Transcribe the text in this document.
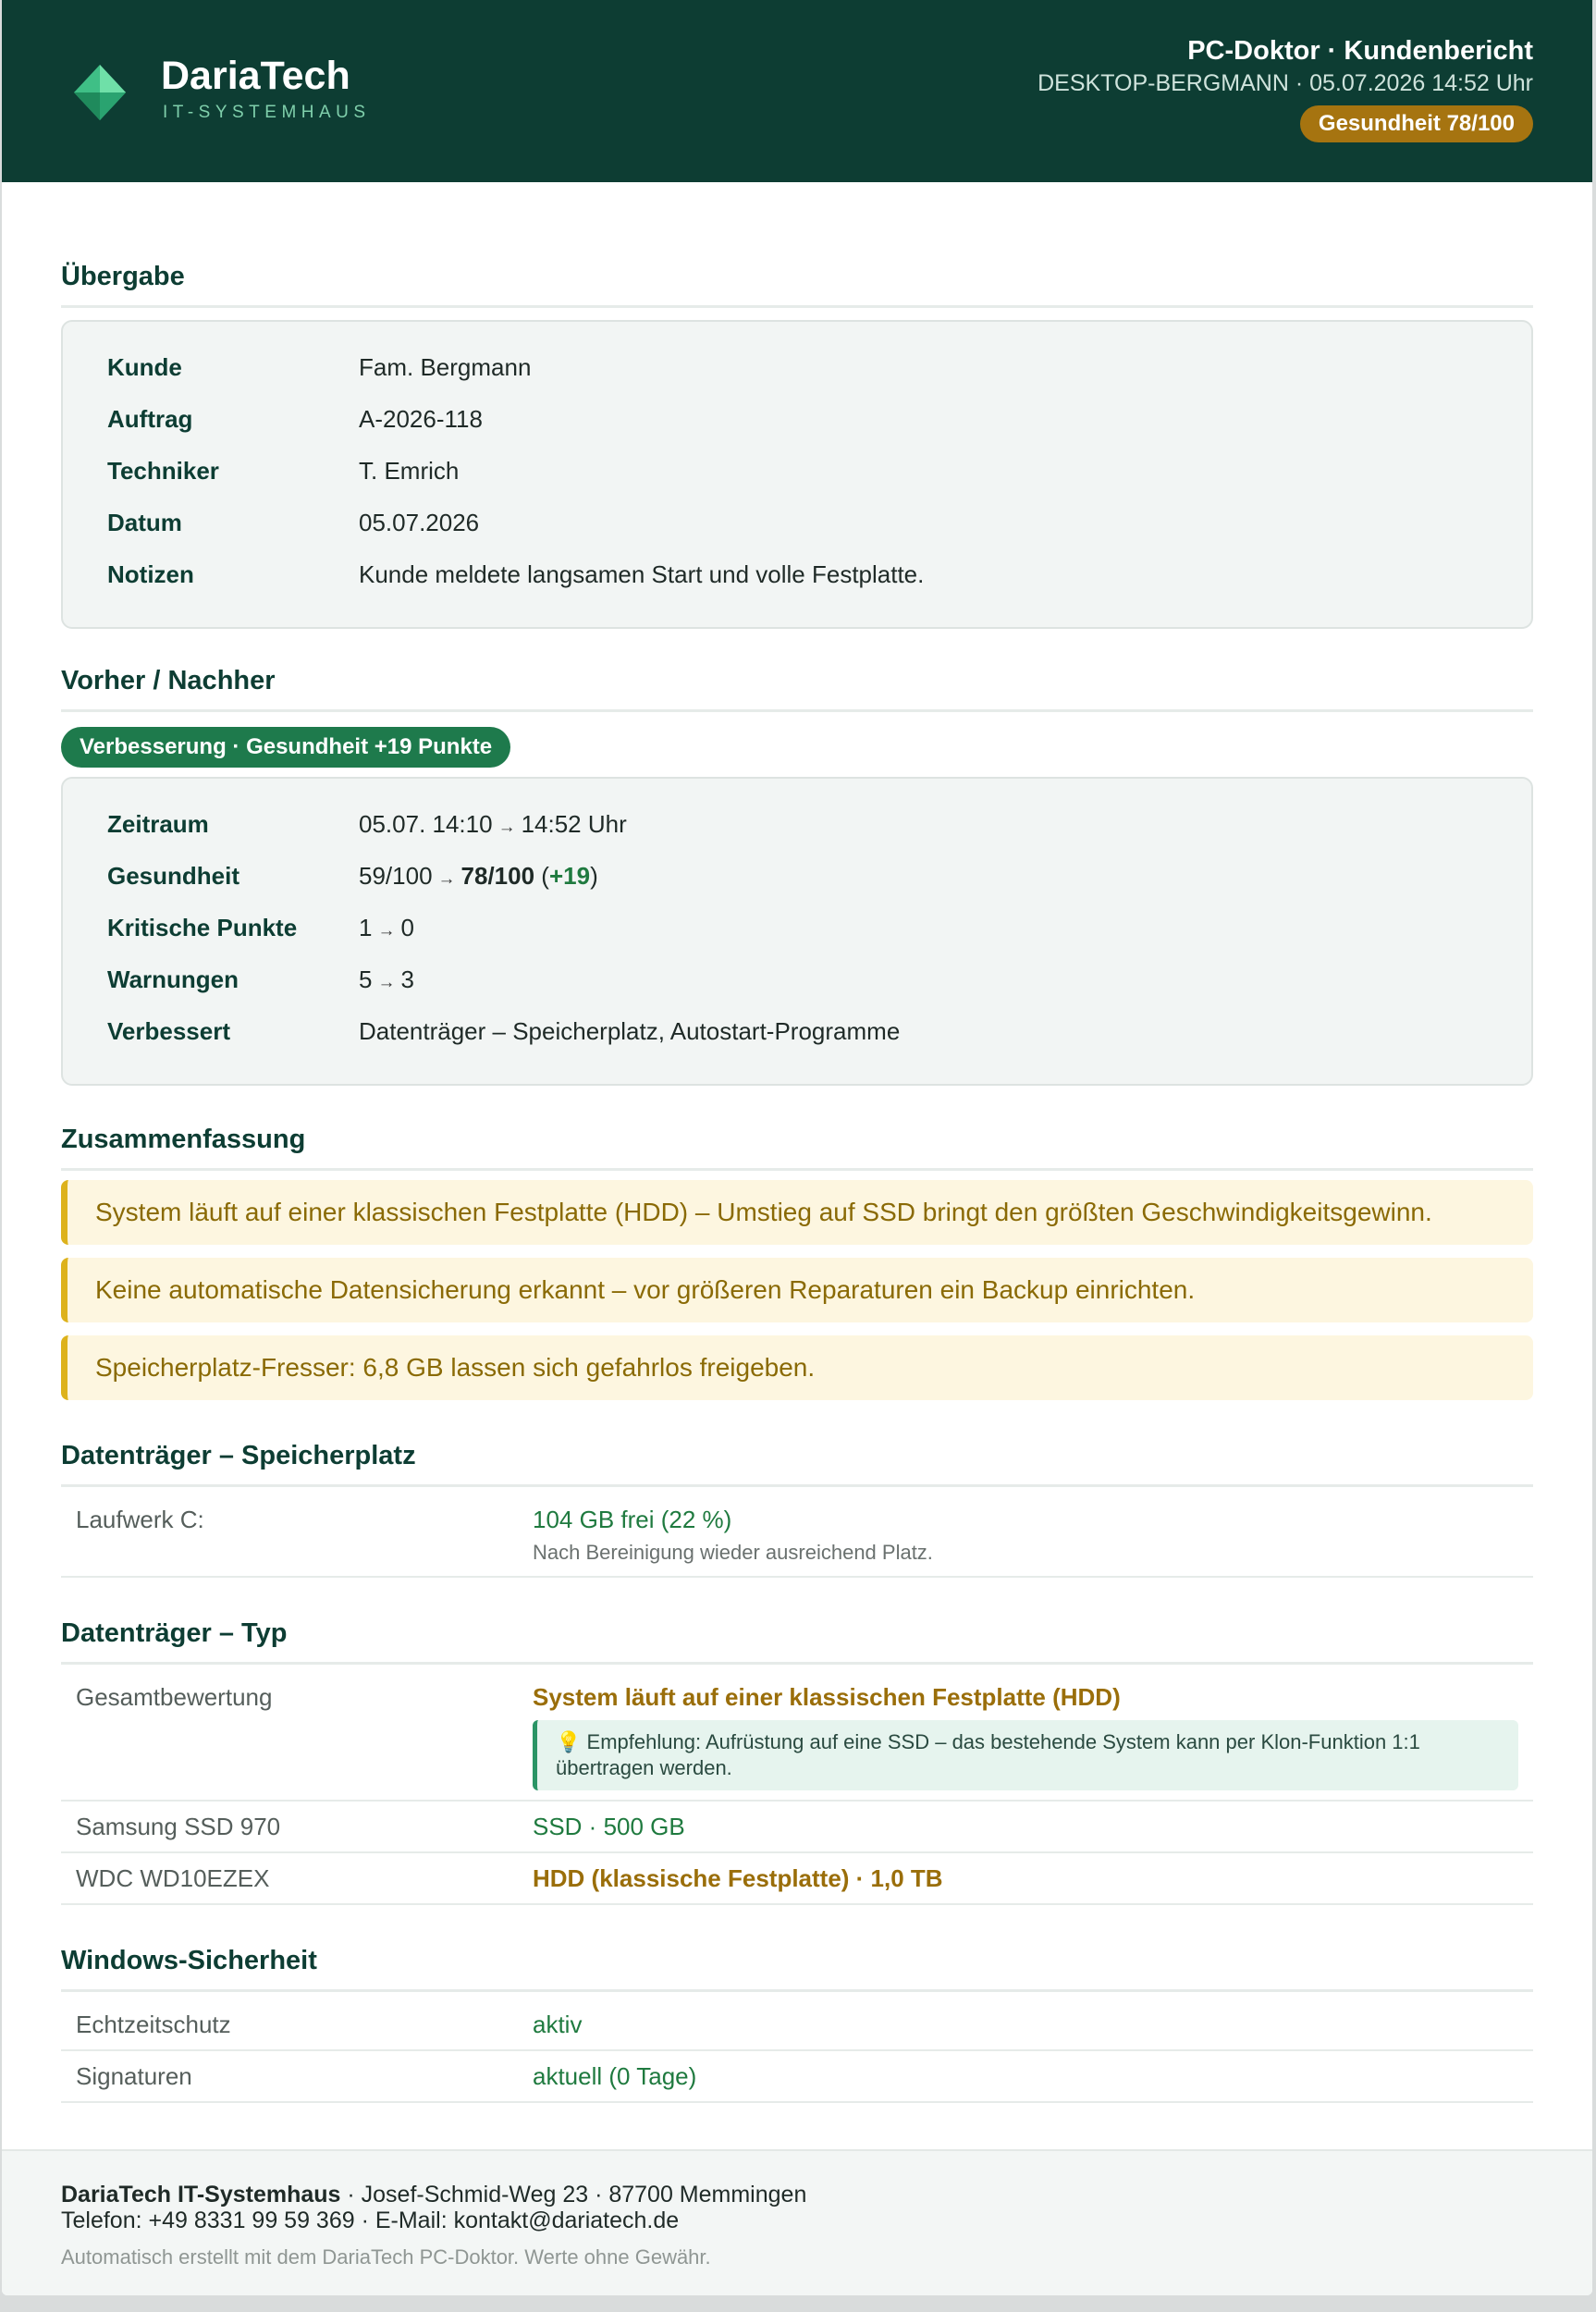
DariaTech
IT-SYSTEMHAUS
PC-Doktor · Kundenbericht
DESKTOP-BERGMANN · 05.07.2026 14:52 Uhr
Gesundheit 78/100
Übergabe
Kunde	Fam. Bergmann
Auftrag	A-2026-118
Techniker	T. Emrich
Datum	05.07.2026
Notizen	Kunde meldete langsamen Start und volle Festplatte.
Vorher / Nachher
Verbesserung · Gesundheit +19 Punkte
Zeitraum	05.07. 14:10 → 14:52 Uhr
Gesundheit	59/100 → 78/100 (+19)
Kritische Punkte	1 → 0
Warnungen	5 → 3
Verbessert	Datenträger – Speicherplatz, Autostart-Programme
Zusammenfassung
System läuft auf einer klassischen Festplatte (HDD) – Umstieg auf SSD bringt den größten Geschwindigkeitsgewinn.
Keine automatische Datensicherung erkannt – vor größeren Reparaturen ein Backup einrichten.
Speicherplatz-Fresser: 6,8 GB lassen sich gefahrlos freigeben.
Datenträger – Speicherplatz
Laufwerk C:	104 GB frei (22 %)
Nach Bereinigung wieder ausreichend Platz.
Datenträger – Typ
Gesamtbewertung	System läuft auf einer klassischen Festplatte (HDD)
💡 Empfehlung: Aufrüstung auf eine SSD – das bestehende System kann per Klon-Funktion 1:1 übertragen werden.
Samsung SSD 970	SSD · 500 GB
WDC WD10EZEX	HDD (klassische Festplatte) · 1,0 TB
Windows-Sicherheit
Echtzeitschutz	aktiv
Signaturen	aktuell (0 Tage)
DariaTech IT-Systemhaus · Josef-Schmid-Weg 23 · 87700 Memmingen
Telefon: +49 8331 99 59 369 · E-Mail: kontakt@dariatech.de
Automatisch erstellt mit dem DariaTech PC-Doktor. Werte ohne Gewähr.
